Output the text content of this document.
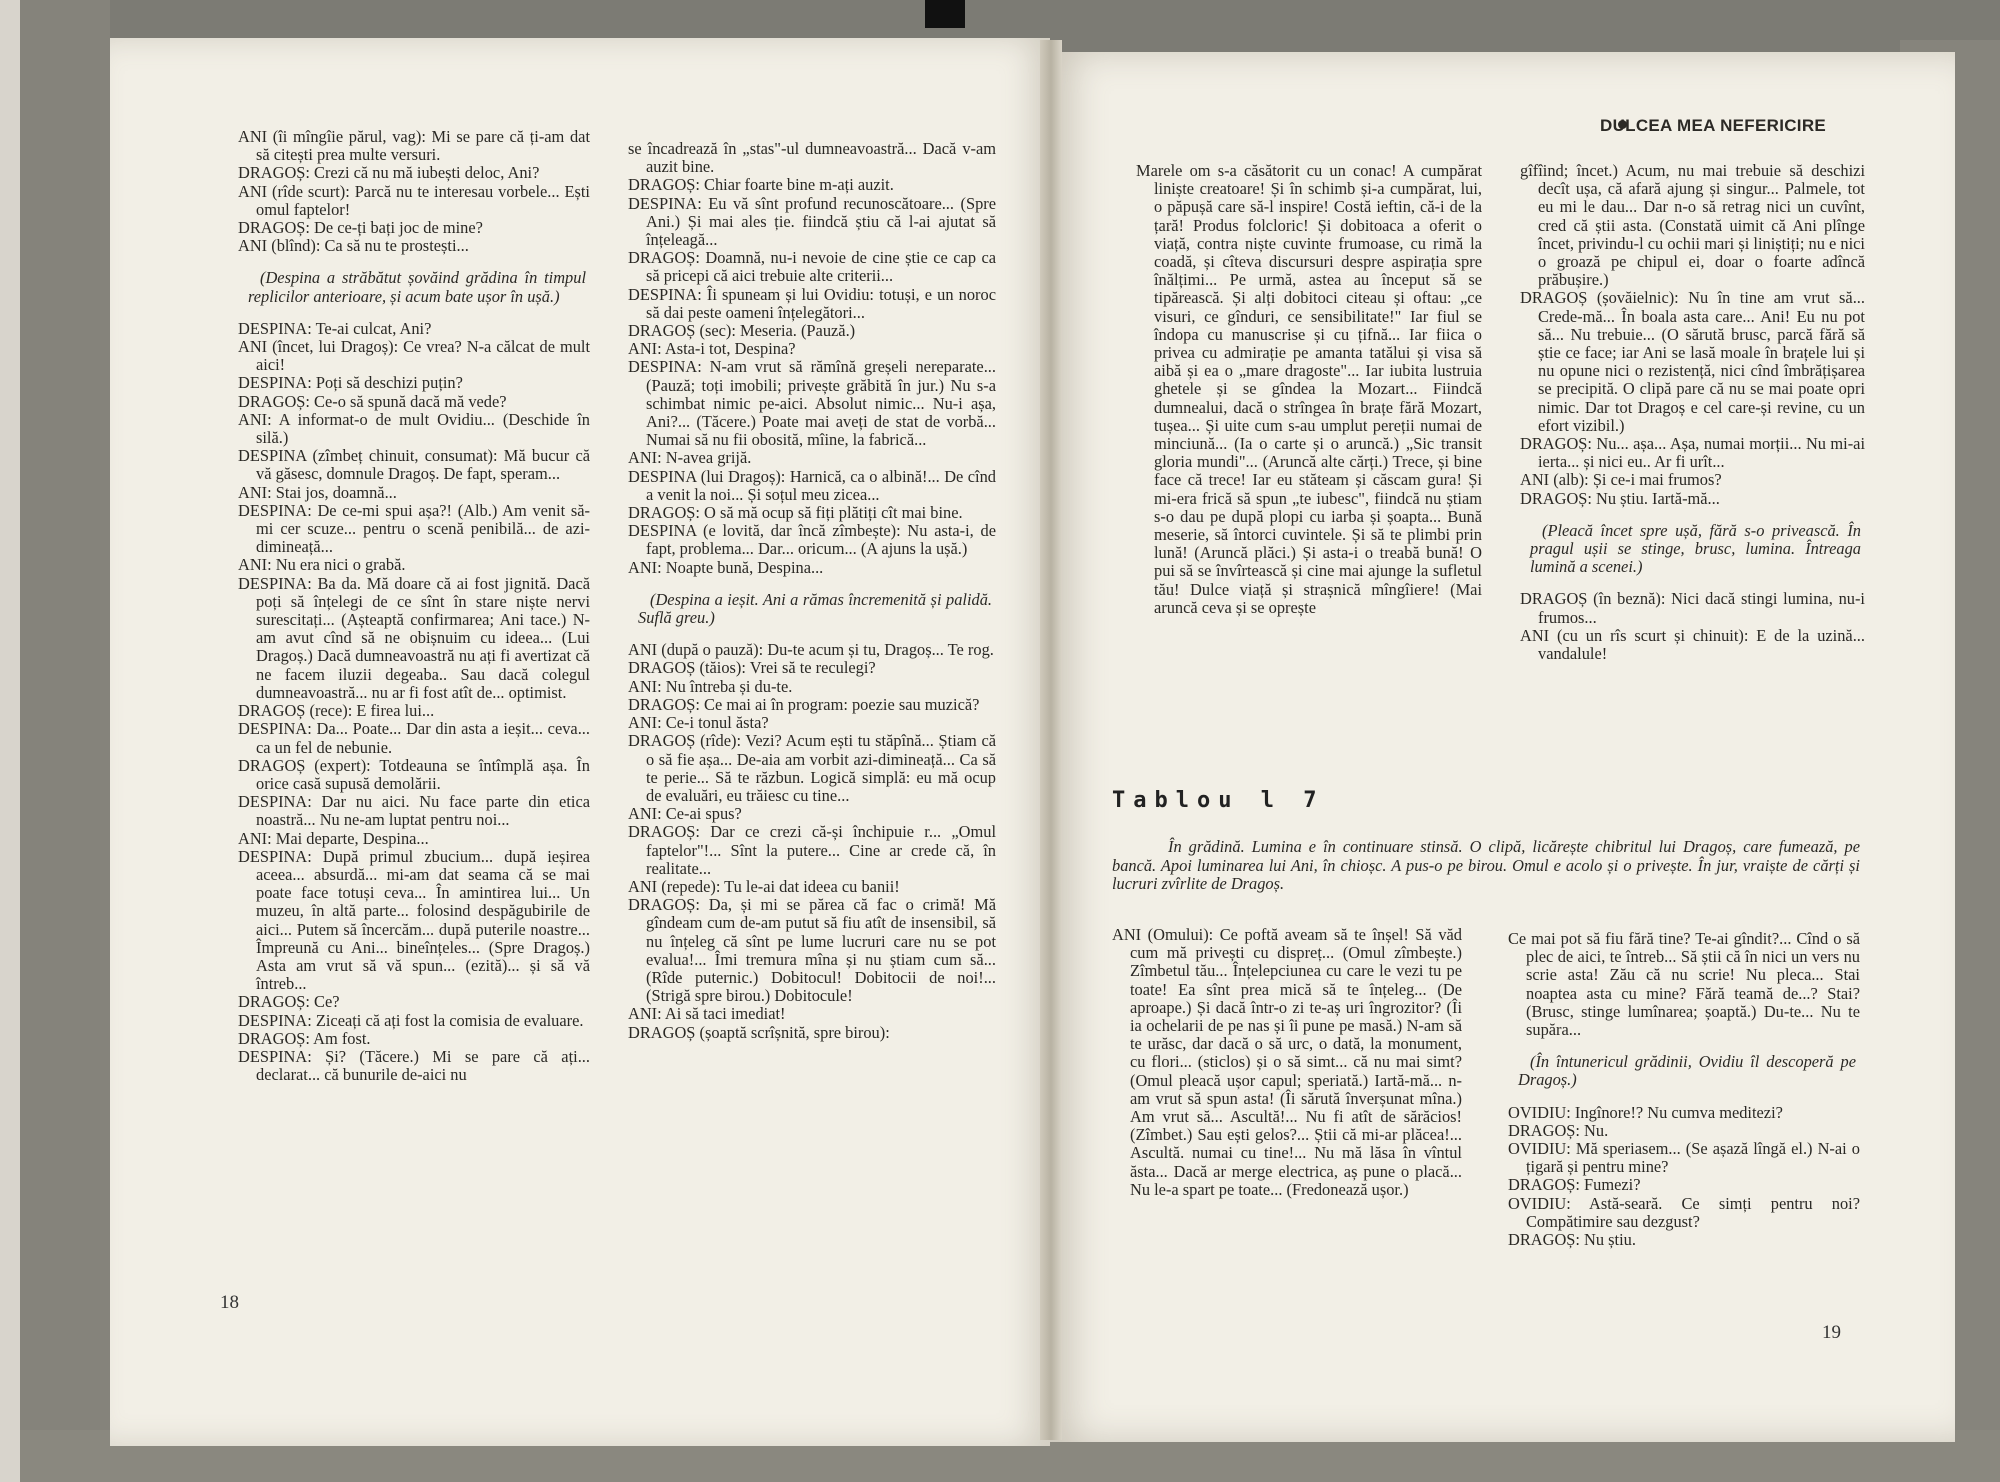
ANI (îi mîngîie părul, vag): Mi se pare că ți-am dat să citești prea multe versuri.

DRAGOȘ: Crezi că nu mă iubești deloc, Ani?

ANI (rîde scurt): Parcă nu te interesau vorbele... Ești omul faptelor!

DRAGOȘ: De ce-ți bați joc de mine?

ANI (blînd): Ca să nu te prostești...

(Despina a străbătut șovăind grădina în timpul replicilor anterioare, și acum bate ușor în ușă.)

DESPINA: Te-ai culcat, Ani?

ANI (încet, lui Dragoș): Ce vrea? N-a călcat de mult aici!

DESPINA: Poți să deschizi puțin?

DRAGOȘ: Ce-o să spună dacă mă vede?

ANI: A informat-o de mult Ovidiu... (Deschide în silă.)

DESPINA (zîmbeț chinuit, consumat): Mă bucur că vă găsesc, domnule Dragoș. De fapt, speram...

ANI: Stai jos, doamnă...

DESPINA: De ce-mi spui așa?! (Alb.) Am venit să-mi cer scuze... pentru o scenă penibilă... de azi-dimineață...

ANI: Nu era nici o grabă.

DESPINA: Ba da. Mă doare că ai fost jignită. Dacă poți să înțelegi de ce sînt în stare niște nervi surescitați... (Așteaptă confirmarea; Ani tace.) N-am avut cînd să ne obișnuim cu ideea... (Lui Dragoș.) Dacă dumneavoastră nu ați fi avertizat că ne facem iluzii degeaba.. Sau dacă colegul dumneavoastră... nu ar fi fost atît de... optimist.

DRAGOȘ (rece): E firea lui...

DESPINA: Da... Poate... Dar din asta a ieșit... ceva... ca un fel de nebunie.

DRAGOȘ (expert): Totdeauna se întîmplă așa. În orice casă supusă demolării.

DESPINA: Dar nu aici. Nu face parte din etica noastră... Nu ne-am luptat pentru noi...

ANI: Mai departe, Despina...

DESPINA: După primul zbucium... după ieșirea aceea... absurdă... mi-am dat seama că se mai poate face totuși ceva... În amintirea lui... Un muzeu, în altă parte... folosind despăgubirile de aici... Putem să încercăm... după puterile noastre... Împreună cu Ani... bineînțeles... (Spre Dragoș.) Asta am vrut să vă spun... (ezită)... și să vă întreb...

DRAGOȘ: Ce?

DESPINA: Ziceați că ați fost la comisia de evaluare.

DRAGOȘ: Am fost.

DESPINA: Și? (Tăcere.) Mi se pare că ați... declarat... că bunurile de-aici nu

se încadrează în „stas"-ul dumneavoastră... Dacă v-am auzit bine.

DRAGOȘ: Chiar foarte bine m-ați auzit.

DESPINA: Eu vă sînt profund recunoscătoare... (Spre Ani.) Și mai ales ție. fiindcă știu că l-ai ajutat să înțeleagă...

DRAGOȘ: Doamnă, nu-i nevoie de cine știe ce cap ca să pricepi că aici trebuie alte criterii...

DESPINA: Îi spuneam și lui Ovidiu: totuși, e un noroc să dai peste oameni înțelegători...

DRAGOȘ (sec): Meseria. (Pauză.)

ANI: Asta-i tot, Despina?

DESPINA: N-am vrut să rămînă greșeli nereparate... (Pauză; toți imobili; privește grăbită în jur.) Nu s-a schimbat nimic pe-aici. Absolut nimic... Nu-i așa, Ani?... (Tăcere.) Poate mai aveți de stat de vorbă... Numai să nu fii obosită, mîine, la fabrică...

ANI: N-avea grijă.

DESPINA (lui Dragoș): Harnică, ca o albină!... De cînd a venit la noi... Și soțul meu zicea...

DRAGOȘ: O să mă ocup să fiți plătiți cît mai bine.

DESPINA (e lovită, dar încă zîmbește): Nu asta-i, de fapt, problema... Dar... oricum... (A ajuns la ușă.)

ANI: Noapte bună, Despina...

(Despina a ieșit. Ani a rămas încremenită și palidă. Suflă greu.)

ANI (după o pauză): Du-te acum și tu, Dragoș... Te rog.

DRAGOȘ (tăios): Vrei să te reculegi?

ANI: Nu întreba și du-te.

DRAGOȘ: Ce mai ai în program: poezie sau muzică?

ANI: Ce-i tonul ăsta?

DRAGOȘ (rîde): Vezi? Acum ești tu stăpînă... Știam că o să fie așa... De-aia am vorbit azi-dimineață... Ca să te perie... Să te răzbun. Logică simplă: eu mă ocup de evaluări, eu trăiesc cu tine...

ANI: Ce-ai spus?

DRAGOȘ: Dar ce crezi că-și închipuie r... „Omul faptelor"!... Sînt la putere... Cine ar crede că, în realitate...

ANI (repede): Tu le-ai dat ideea cu banii!

DRAGOȘ: Da, și mi se părea că fac o crimă! Mă gîndeam cum de-am putut să fiu atît de insensibil, să nu înțeleg că sînt pe lume lucruri care nu se pot evalua!... Îmi tremura mîna și nu știam cum să... (Rîde puternic.) Dobitocul! Dobitocii de noi!... (Strigă spre birou.) Dobitocule!

ANI: Ai să taci imediat!

DRAGOȘ (șoaptă scrîșnită, spre birou):

DULCEA MEA NEFERICIRE

Marele om s-a căsătorit cu un conac! A cumpărat liniște creatoare! Și în schimb și-a cumpărat, lui, o păpușă care să-l inspire! Costă ieftin, că-i de la țară! Produs folcloric! Și dobitoaca a oferit o viață, contra niște cuvinte frumoase, cu rimă la coadă, și cîteva discursuri despre aspirația spre înălțimi... Pe urmă, astea au început să se tipărească. Și alți dobitoci citeau și oftau: „ce visuri, ce gînduri, ce sensibilitate!" Iar fiul se îndopa cu manuscrise și cu țifnă... Iar fiica o privea cu admirație pe amanta tatălui și visa să aibă și ea o „mare dragoste"... Iar iubita lustruia ghetele și se gîndea la Mozart... Fiindcă dumnealui, dacă o strîngea în brațe fără Mozart, tușea... Și uite cum s-au umplut pereții numai de minciună... (Ia o carte și o aruncă.) „Sic transit gloria mundi"... (Aruncă alte cărți.) Trece, și bine face că trece! Iar eu stăteam și căscam gura! Și mi-era frică să spun „te iubesc", fiindcă nu știam s-o dau pe după plopi cu iarba și șoapta... Bună meserie, să întorci cuvintele. Și să te plimbi prin lună! (Aruncă plăci.) Și asta-i o treabă bună! O pui să se învîrtească și cine mai ajunge la sufletul tău! Dulce viață și strașnică mîngîiere! (Mai aruncă ceva și se oprește

gîfîind; încet.) Acum, nu mai trebuie să deschizi decît ușa, că afară ajung și singur... Palmele, tot eu mi le dau... Dar n-o să retrag nici un cuvînt, cred că știi asta. (Constată uimit că Ani plînge încet, privindu-l cu ochii mari și liniștiți; nu e nici o groază pe chipul ei, doar o foarte adîncă prăbușire.)

DRAGOȘ (șovăielnic): Nu în tine am vrut să... Crede-mă... În boala asta care... Ani! Eu nu pot să... Nu trebuie... (O sărută brusc, parcă fără să știe ce face; iar Ani se lasă moale în brațele lui și nu opune nici o rezistență, nici cînd îmbrățișarea se precipită. O clipă pare că nu se mai poate opri nimic. Dar tot Dragoș e cel care-și revine, cu un efort vizibil.)

DRAGOȘ: Nu... așa... Așa, numai morții... Nu mi-ai ierta... și nici eu.. Ar fi urît...

ANI (alb): Și ce-i mai frumos?

DRAGOȘ: Nu știu. Iartă-mă...

(Pleacă încet spre ușă, fără s-o privească. În pragul ușii se stinge, brusc, lumina. Întreaga lumină a scenei.)

DRAGOȘ (în beznă): Nici dacă stingi lumina, nu-i frumos...

ANI (cu un rîs scurt și chinuit): E de la uzină... vandalule!

Tablou l 7
În grădină. Lumina e în continuare stinsă. O clipă, licărește chibritul lui Dragoș, care fumează, pe bancă. Apoi luminarea lui Ani, în chioșc. A pus-o pe birou. Omul e acolo și o privește. În jur, vraiște de cărți și lucruri zvîrlite de Dragoș.

ANI (Omului): Ce poftă aveam să te înșel! Să văd cum mă privești cu dispreț... (Omul zîmbește.) Zîmbetul tău... Înțelepciunea cu care le vezi tu pe toate! Ea sînt prea mică să te înțeleg... (De aproape.) Și dacă într-o zi te-aș uri îngrozitor? (Îi ia ochelarii de pe nas și îi pune pe masă.) N-am să te urăsc, dar dacă o să urc, o dată, la monument, cu flori... (sticlos) și o să simt... că nu mai simt? (Omul pleacă ușor capul; speriată.) Iartă-mă... n-am vrut să spun asta! (Îi sărută înverșunat mîna.) Am vrut să... Ascultă!... Nu fi atît de sărăcios! (Zîmbet.) Sau ești gelos?... Știi că mi-ar plăcea!... Ascultă. numai cu tine!... Nu mă lăsa în vîntul ăsta... Dacă ar merge electrica, aș pune o placă... Nu le-a spart pe toate... (Fredonează ușor.)

Ce mai pot să fiu fără tine? Te-ai gîndit?... Cînd o să plec de aici, te întreb... Să știi că în nici un vers nu scrie asta! Zău că nu scrie! Nu pleca... Stai noaptea asta cu mine? Fără teamă de...? Stai? (Brusc, stinge lumînarea; șoaptă.) Du-te... Nu te supăra...

(În întunericul grădinii, Ovidiu îl descoperă pe Dragoș.)

OVIDIU: Ingînore!? Nu cumva meditezi?

DRAGOȘ: Nu.

OVIDIU: Mă speriasem... (Se așază lîngă el.) N-ai o țigară și pentru mine?

DRAGOȘ: Fumezi?

OVIDIU: Astă-seară. Ce simți pentru noi? Compătimire sau dezgust?

DRAGOȘ: Nu știu.

18
19
